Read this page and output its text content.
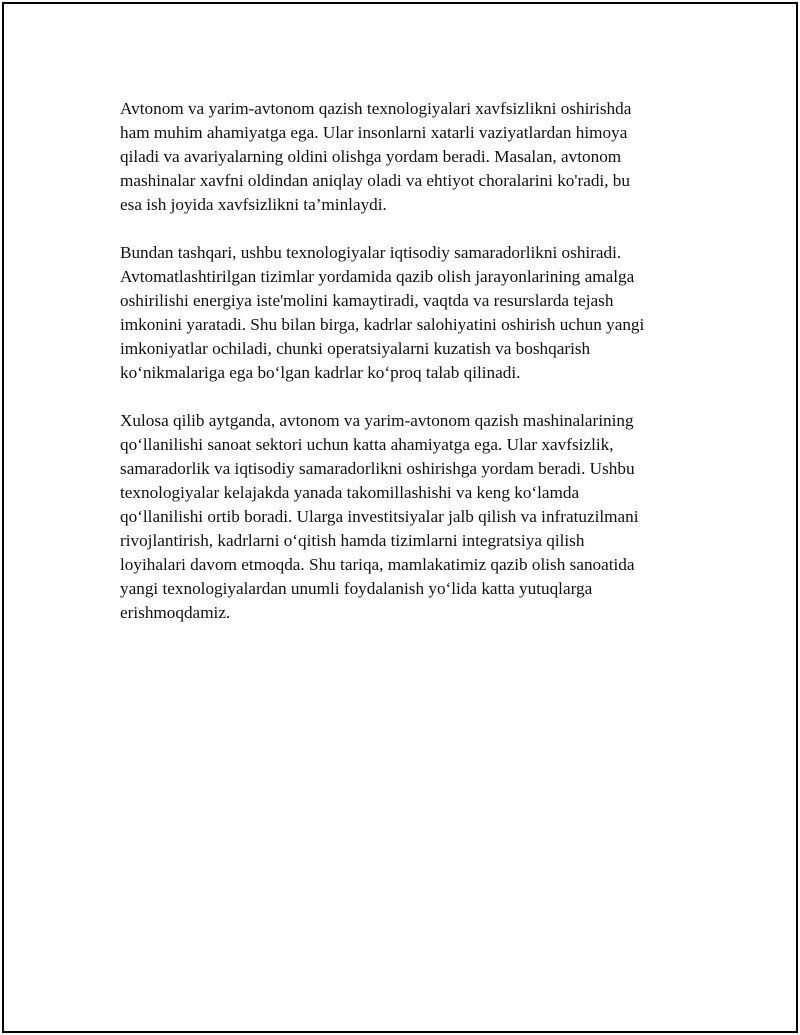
Avtonom va yarim-avtonom qazish texnologiyalari xavfsizlikni oshirishda
ham muhim ahamiyatga ega. Ular insonlarni xatarli vaziyatlardan himoya
qiladi va avariyalarning oldini olishga yordam beradi. Masalan, avtonom
mashinalar xavfni oldindan aniqlay oladi va ehtiyot choralarini ko'radi, bu
esa ish joyida xavfsizlikni ta’minlaydi.

Bundan tashqari, ushbu texnologiyalar iqtisodiy samaradorlikni oshiradi.
Avtomatlashtirilgan tizimlar yordamida qazib olish jarayonlarining amalga
oshirilishi energiya iste'molini kamaytiradi, vaqtda va resurslarda tejash
imkonini yaratadi. Shu bilan birga, kadrlar salohiyatini oshirish uchun yangi
imkoniyatlar ochiladi, chunki operatsiyalarni kuzatish va boshqarish
ko‘nikmalariga ega bo‘lgan kadrlar ko‘proq talab qilinadi.

Xulosa qilib aytganda, avtonom va yarim-avtonom qazish mashinalarining
qo‘llanilishi sanoat sektori uchun katta ahamiyatga ega. Ular xavfsizlik,
samaradorlik va iqtisodiy samaradorlikni oshirishga yordam beradi. Ushbu
texnologiyalar kelajakda yanada takomillashishi va keng ko‘lamda
qo‘llanilishi ortib boradi. Ularga investitsiyalar jalb qilish va infratuzilmani
rivojlantirish, kadrlarni o‘qitish hamda tizimlarni integratsiya qilish
loyihalari davom etmoqda. Shu tariqa, mamlakatimiz qazib olish sanoatida
yangi texnologiyalardan unumli foydalanish yo‘lida katta yutuqlarga
erishmoqdamiz.
